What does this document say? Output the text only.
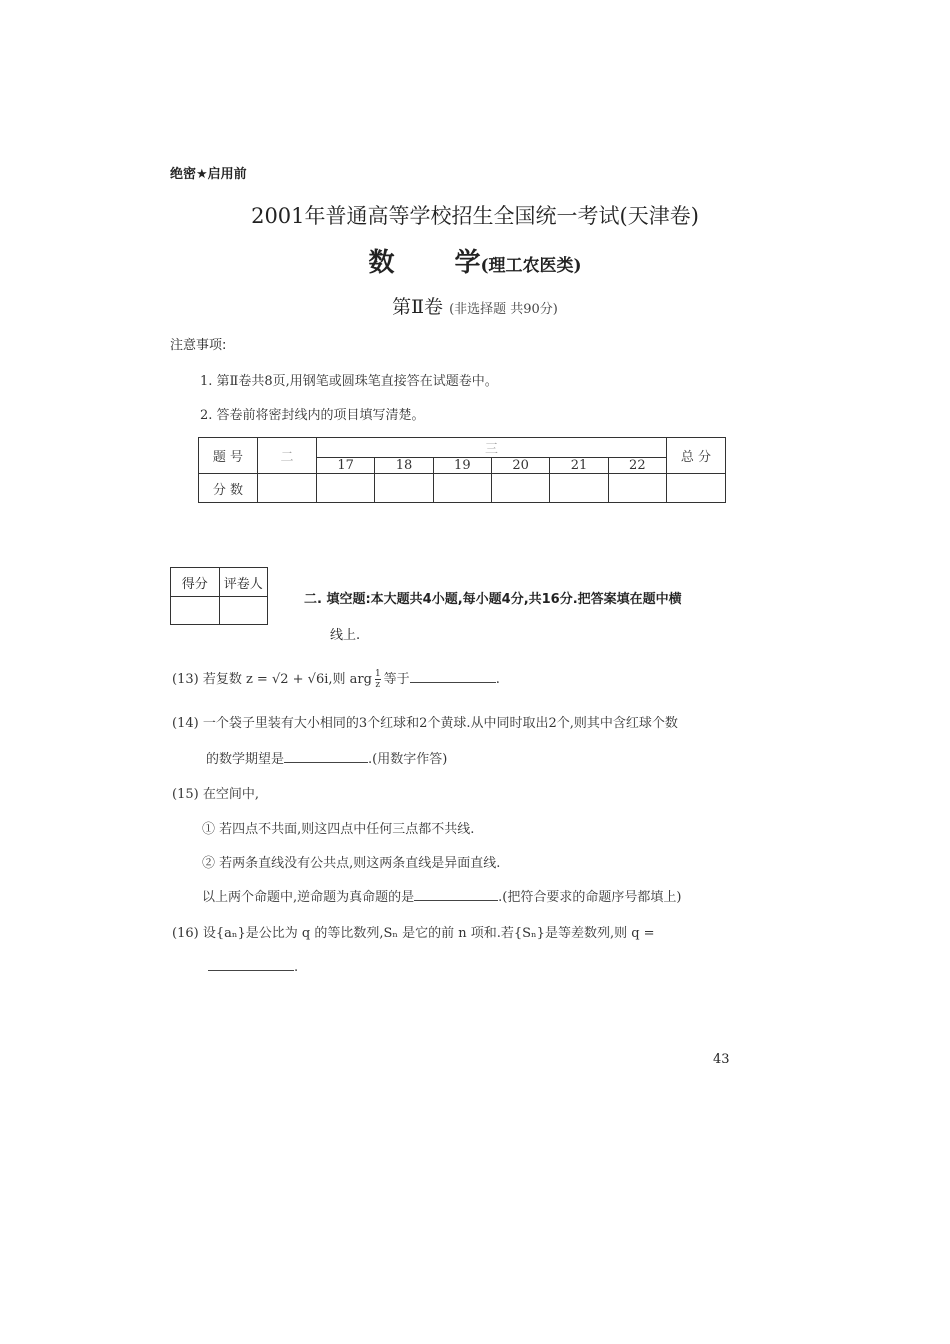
绝密★启用前
2001年普通高等学校招生全国统一考试(天津卷)
数 学(理工农医类)
第Ⅱ卷 (非选择题 共90分)
注意事项:
1. 第Ⅱ卷共8页,用钢笔或圆珠笔直接答在试题卷中。
2. 答卷前将密封线内的项目填写清楚。
题 号	二	三						总 分
		17	18	19	20	21	22	
分 数								
得分	评卷人

二. 填空题:本大题共4小题,每小题4分,共16分.把答案填在题中横
线上.
(13) 若复数 z = √2 + √6i,则 arg $\frac{1}{z}$ 等于	.
(14) 一个袋子里装有大小相同的3个红球和2个黄球.从中同时取出2个,则其中含红球个数
的数学期望是	.(用数字作答)
(15) 在空间中,
① 若四点不共面,则这四点中任何三点都不共线.
② 若两条直线没有公共点,则这两条直线是异面直线.
以上两个命题中,逆命题为真命题的是	.(把符合要求的命题序号都填上)
(16) 设{aₙ}是公比为 q 的等比数列,Sₙ 是它的前 n 项和.若{Sₙ}是等差数列,则 q =
.
43
